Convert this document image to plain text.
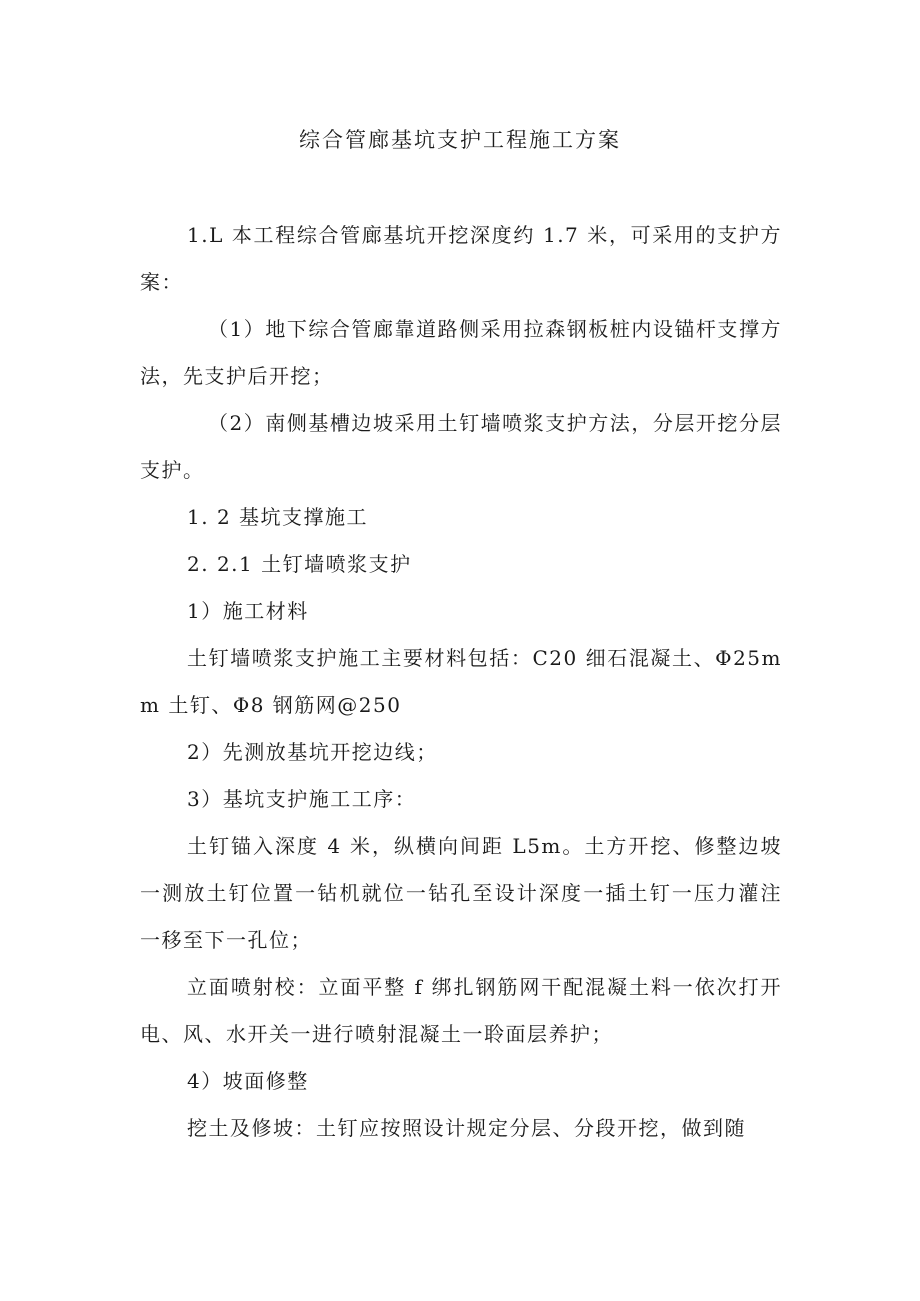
综合管廊基坑支护工程施工方案

1.L 本工程综合管廊基坑开挖深度约 1.7 米，可采用的支护方案：

（1）地下综合管廊靠道路侧采用拉森钢板桩内设锚杆支撑方法，先支护后开挖；

（2）南侧基槽边坡采用土钉墙喷浆支护方法，分层开挖分层支护。

1. 2 基坑支撑施工

2. 2.1 土钉墙喷浆支护

1）施工材料

土钉墙喷浆支护施工主要材料包括：C20 细石混凝土、Φ25mm 土钉、Φ8 钢筋网@250

2）先测放基坑开挖边线；

3）基坑支护施工工序：

土钉锚入深度 4 米，纵横向间距 L5m。土方开挖、修整边坡一测放土钉位置一钻机就位一钻孔至设计深度一插土钉一压力灌注一移至下一孔位；

立面喷射校：立面平整 f 绑扎钢筋网干配混凝土料一依次打开电、风、水开关一进行喷射混凝土一聆面层养护；

4）坡面修整

挖土及修坡：土钉应按照设计规定分层、分段开挖，做到随
